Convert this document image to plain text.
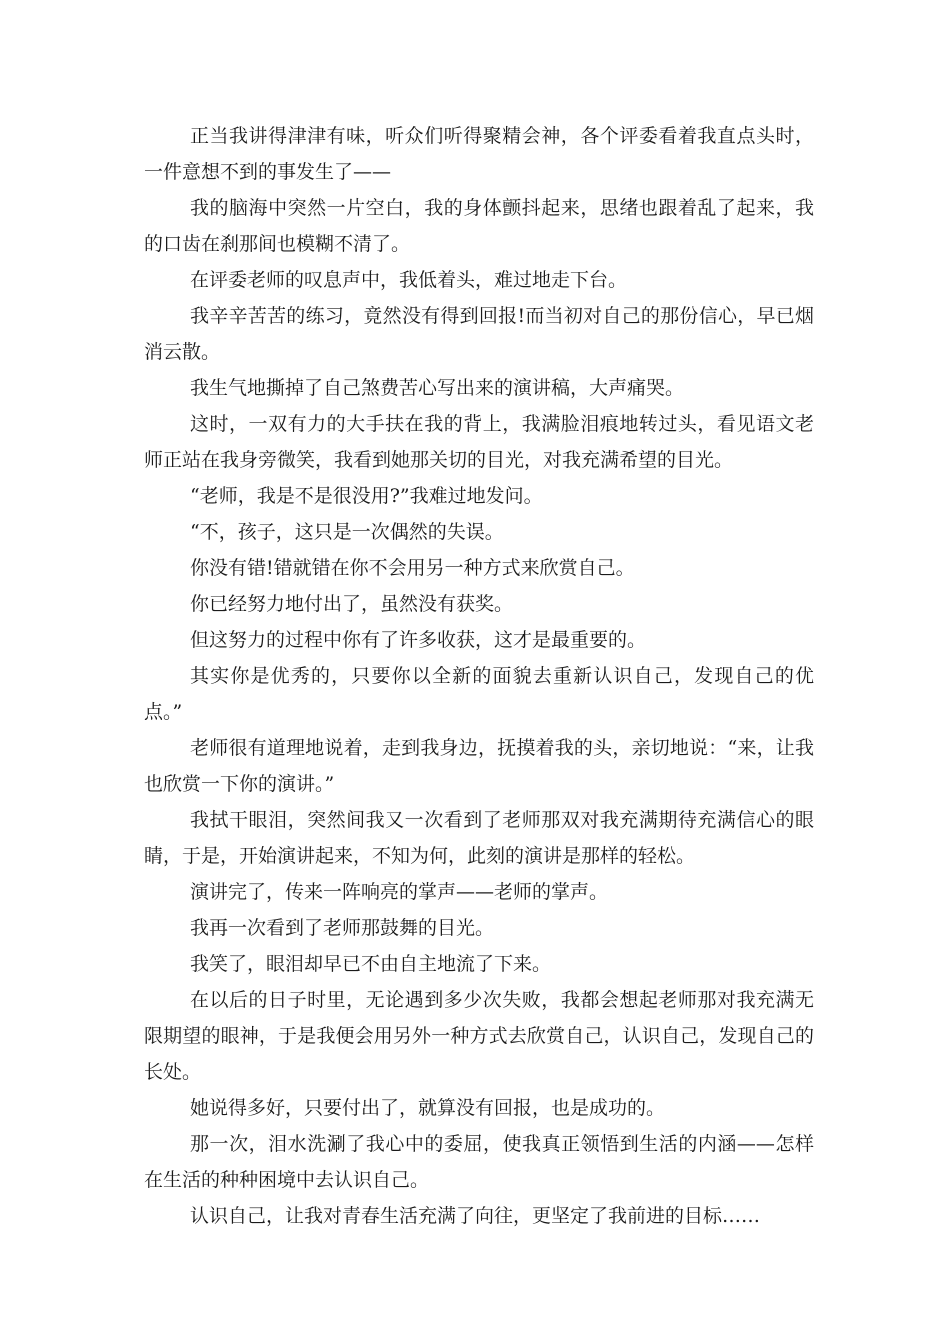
正当我讲得津津有味，听众们听得聚精会神，各个评委看着我直点头时，一件意想不到的事发生了——

我的脑海中突然一片空白，我的身体颤抖起来，思绪也跟着乱了起来，我的口齿在刹那间也模糊不清了。

在评委老师的叹息声中，我低着头，难过地走下台。

我辛辛苦苦的练习，竟然没有得到回报!而当初对自己的那份信心，早已烟消云散。

我生气地撕掉了自己煞费苦心写出来的演讲稿，大声痛哭。

这时，一双有力的大手扶在我的背上，我满脸泪痕地转过头，看见语文老师正站在我身旁微笑，我看到她那关切的目光，对我充满希望的目光。

“老师，我是不是很没用?”我难过地发问。

“不，孩子，这只是一次偶然的失误。

你没有错!错就错在你不会用另一种方式来欣赏自己。

你已经努力地付出了，虽然没有获奖。

但这努力的过程中你有了许多收获，这才是最重要的。

其实你是优秀的，只要你以全新的面貌去重新认识自己，发现自己的优点。”

老师很有道理地说着，走到我身边，抚摸着我的头，亲切地说：“来，让我也欣赏一下你的演讲。”

我拭干眼泪，突然间我又一次看到了老师那双对我充满期待充满信心的眼睛，于是，开始演讲起来，不知为何，此刻的演讲是那样的轻松。

演讲完了，传来一阵响亮的掌声——老师的掌声。

我再一次看到了老师那鼓舞的目光。

我笑了，眼泪却早已不由自主地流了下来。

在以后的日子时里，无论遇到多少次失败，我都会想起老师那对我充满无限期望的眼神，于是我便会用另外一种方式去欣赏自己，认识自己，发现自己的长处。

她说得多好，只要付出了，就算没有回报，也是成功的。

那一次，泪水洗涮了我心中的委屈，使我真正领悟到生活的内涵——怎样在生活的种种困境中去认识自己。

认识自己，让我对青春生活充满了向往，更坚定了我前进的目标……
